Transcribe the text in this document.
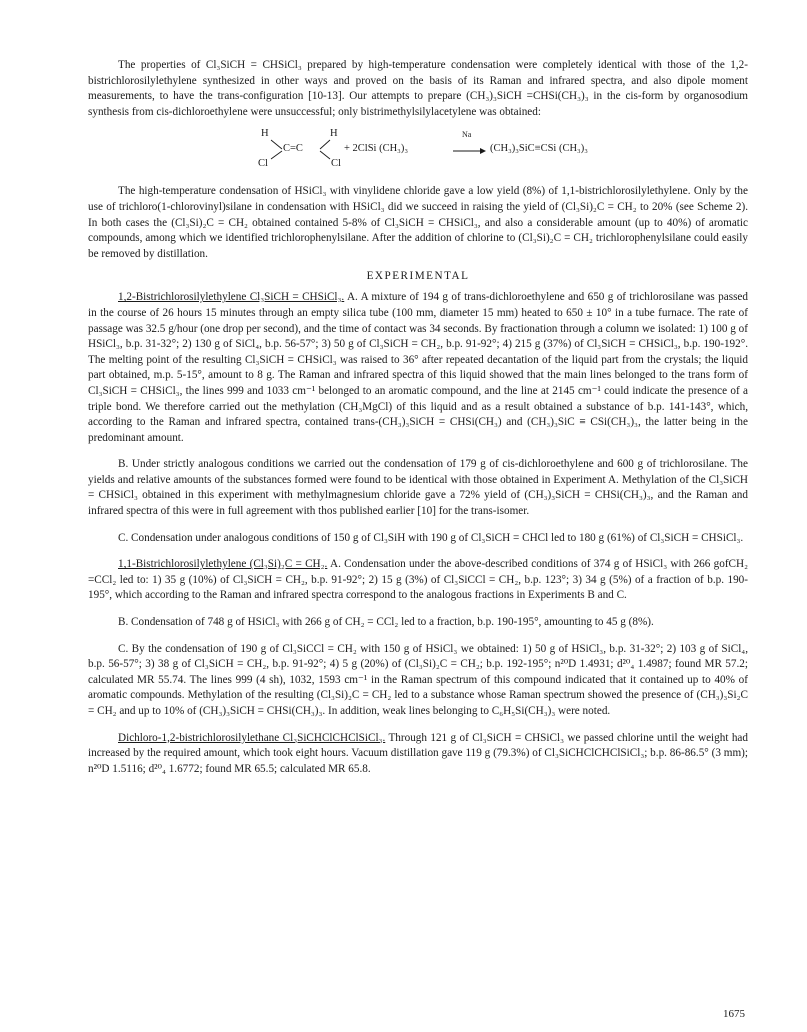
The properties of Cl₃SiCH = CHSiCl₃ prepared by high-temperature condensation were completely identical with those of the 1,2-bistrichlorosilylethylene synthesized in other ways and proved on the basis of its Raman and infrared spectra, and also dipole moment measurements, to have the trans-configuration [10-13]. Our attempts to prepare (CH₃)₃SiCH =CHSi(CH₃)₃ in the cis-form by organosodium synthesis from cis-dichloroethylene were unsuccessful; only bistrimethylsilylacetylene was obtained:

H	H
Cl	Cl
C=C	+ 2ClSi (CH₃)₃
Na
(CH₃)₃SiC≡CSi (CH₃)₃

The high-temperature condensation of HSiCl₃ with vinylidene chloride gave a low yield (8%) of 1,1-bistrichlorosilylethylene. Only by the use of trichloro(1-chlorovinyl)silane in condensation with HSiCl₃ did we succeed in raising the yield of (Cl₃Si)₂C = CH₂ to 20% (see Scheme 2). In both cases the (Cl₃Si)₂C = CH₂ obtained contained 5-8% of Cl₃SiCH = CHSiCl₃, and also a considerable amount (up to 40%) of aromatic compounds, among which we identified trichlorophenylsilane. After the addition of chlorine to (Cl₃Si)₂C = CH₂ trichlorophenylsilane could easily be removed by distillation.

EXPERIMENTAL

1,2-Bistrichlorosilylethylene Cl₃SiCH = CHSiCl₃. A. A mixture of 194 g of trans-dichloroethylene and 650 g of trichlorosilane was passed in the course of 26 hours 15 minutes through an empty silica tube (100 mm, diameter 15 mm) heated to 650 ± 10° in a tube furnace. The rate of passage was 32.5 g/hour (one drop per second), and the time of contact was 34 seconds. By fractionation through a column we isolated: 1) 100 g of HSiCl₃, b.p. 31-32°; 2) 130 g of SiCl₄, b.p. 56-57°; 3) 50 g of Cl₃SiCH = CH₂, b.p. 91-92°; 4) 215 g (37%) of Cl₃SiCH = CHSiCl₃, b.p. 190-192°. The melting point of the resulting Cl₃SiCH = CHSiCl₃ was raised to 36° after repeated decantation of the liquid part from the crystals; the liquid part obtained, m.p. 5-15°, amount to 8 g. The Raman and infrared spectra of this liquid showed that the main lines belonged to the trans form of Cl₃SiCH = CHSiCl₃, the lines 999 and 1033 cm⁻¹ belonged to an aromatic compound, and the line at 2145 cm⁻¹ could indicate the presence of a triple bond. We therefore carried out the methylation (CH₃MgCl) of this liquid and as a result obtained a substance of b.p. 141-143°, which, according to the Raman and infrared spectra, contained trans-(CH₃)₃SiCH = CHSi(CH₃) and (CH₃)₃SiC ≡ CSi(CH₃)₃, the latter being in the predominant amount.

B. Under strictly analogous conditions we carried out the condensation of 179 g of cis-dichloroethylene and 600 g of trichlorosilane. The yields and relative amounts of the substances formed were found to be identical with those obtained in Experiment A. Methylation of the Cl₃SiCH = CHSiCl₃ obtained in this experiment with methylmagnesium chloride gave a 72% yield of (CH₃)₃SiCH = CHSi(CH₃)₃, and the Raman and infrared spectra of this were in full agreement with thos published earlier [10] for the trans-isomer.

C. Condensation under analogous conditions of 150 g of Cl₃SiH with 190 g of Cl₃SiCH = CHCl led to 180 g (61%) of Cl₃SiCH = CHSiCl₃.

1,1-Bistrichlorosilylethylene (Cl₃Si)₂C = CH₂. A. Condensation under the above-described conditions of 374 g of HSiCl₃ with 266 gofCH₂ =CCl₂ led to: 1) 35 g (10%) of Cl₃SiCH = CH₂, b.p. 91-92°; 2) 15 g (3%) of Cl₃SiCCl = CH₂, b.p. 123°; 3) 34 g (5%) of a fraction of b.p. 190-195°, which according to the Raman and infrared spectra correspond to the analogous fractions in Experiments B and C.

B. Condensation of 748 g of HSiCl₃ with 266 g of CH₂ = CCl₂ led to a fraction, b.p. 190-195°, amounting to 45 g (8%).

C. By the condensation of 190 g of Cl₃SiCCl = CH₂ with 150 g of HSiCl₃ we obtained: 1) 50 g of HSiCl₃, b.p. 31-32°; 2) 103 g of SiCl₄, b.p. 56-57°; 3) 38 g of Cl₃SiCH = CH₂, b.p. 91-92°; 4) 5 g (20%) of (Cl₃Si)₂C = CH₂; b.p. 192-195°; n²⁰D 1.4931; d²⁰₄ 1.4987; found MR 57.2; calculated MR 55.74. The lines 999 (4 sh), 1032, 1593 cm⁻¹ in the Raman spectrum of this compound indicated that it contained up to 40% of aromatic compounds. Methylation of the resulting (Cl₃Si)₂C = CH₂ led to a substance whose Raman spectrum showed the presence of (CH₃)₃Si₂C = CH₂ and up to 10% of (CH₃)₃SiCH = CHSi(CH₃)₃. In addition, weak lines belonging to C₆H₅Si(CH₃)₃ were noted.

Dichloro-1,2-bistrichlorosilylethane Cl₃SiCHClCHClSiCl₃. Through 121 g of Cl₃SiCH = CHSiCl₃ we passed chlorine until the weight had increased by the required amount, which took eight hours. Vacuum distillation gave 119 g (79.3%) of Cl₃SiCHClCHClSiCl₃; b.p. 86-86.5° (3 mm); n²⁰D 1.5116; d²⁰₄ 1.6772; found MR 65.5; calculated MR 65.8.

1675
